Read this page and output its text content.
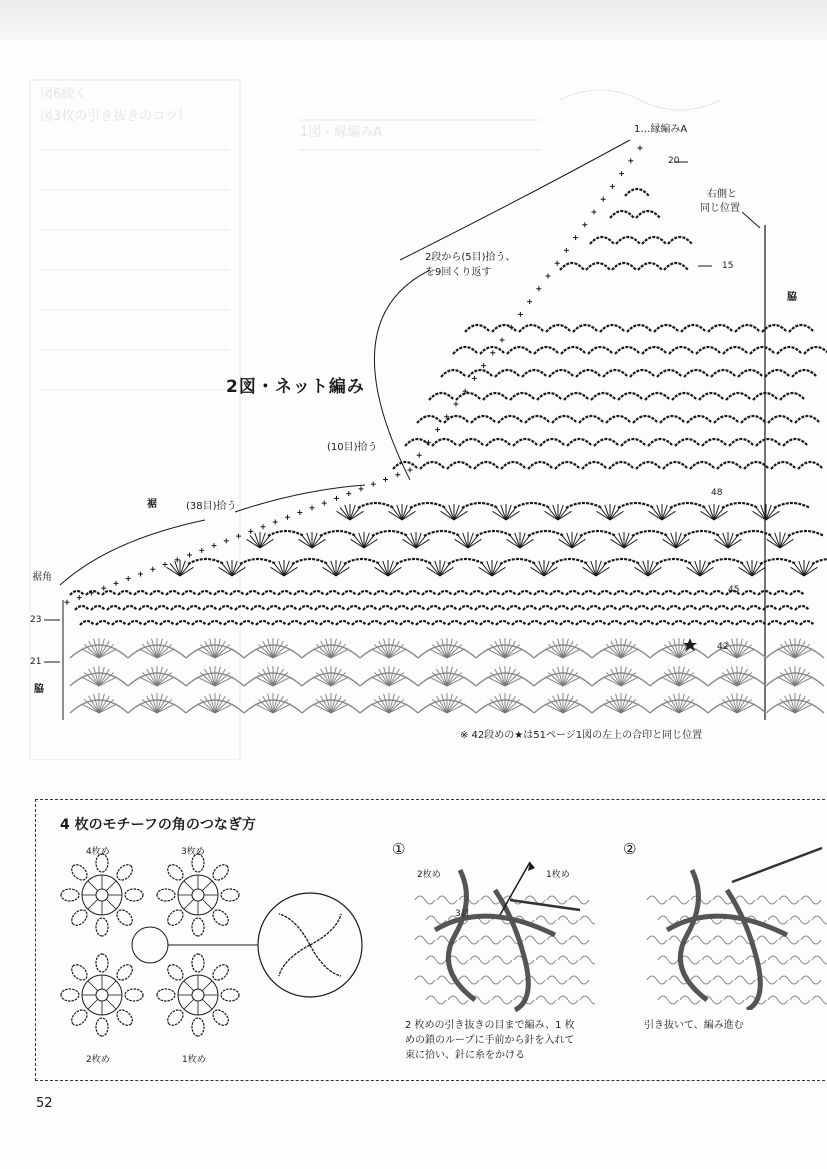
図6続く
図3枚の引き抜きのコツ!
1図・縁編みA	1…縁編みA
20
右側と
同じ位置
2段から(5目)拾う、
を9回くり返す
15
脇
2図・ネット編み
(10目)拾う
裾	(38目)拾う
裾角
23
21
脇
48
45
42
※ 42段めの★は51ページ1図の左上の合印と同じ位置
4 枚のモチーフの角のつなぎ方
4枚め	3枚め
2枚め	1枚め
①
2枚め	1枚め
3目
2 枚めの引き抜きの目まで編み、1 枚
めの鎖のループに手前から針を入れて
束に拾い、針に糸をかける
②
引き抜いて、編み進む
52
